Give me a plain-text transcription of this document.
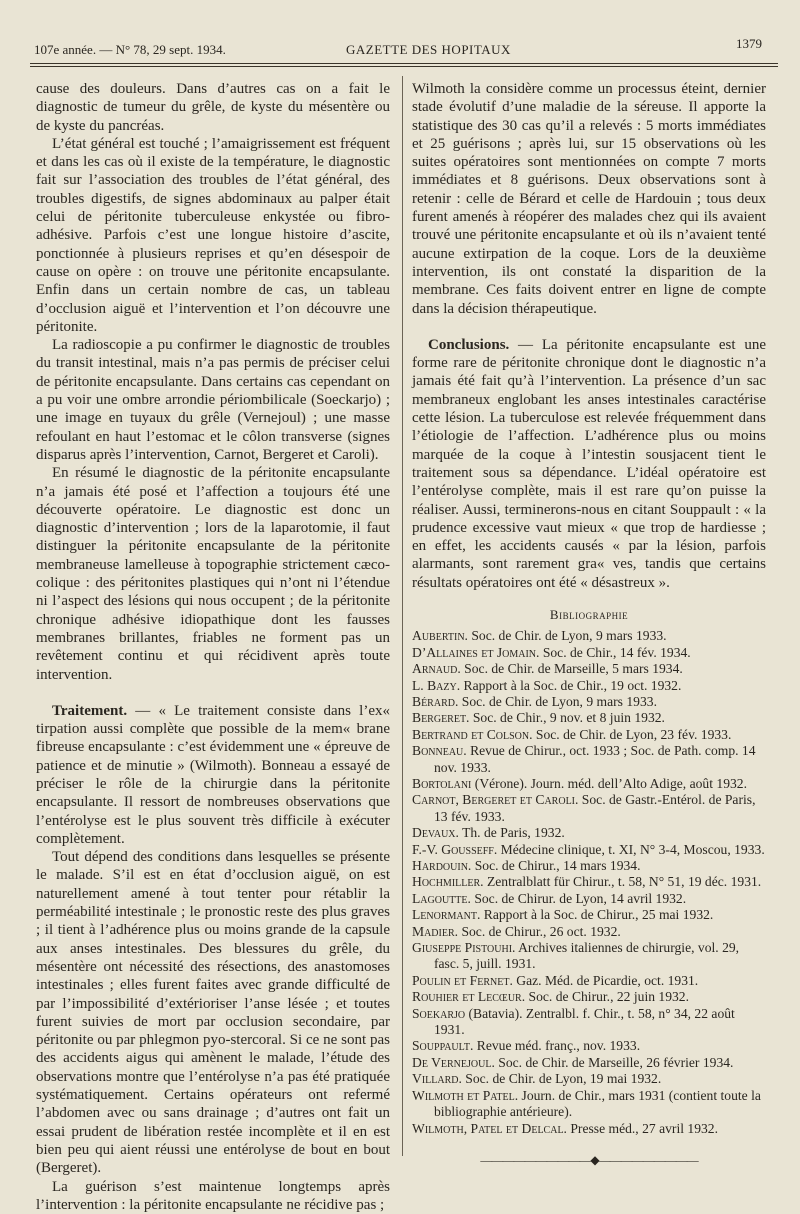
107e année. — N° 78, 29 sept. 1934.	GAZETTE DES HOPITAUX	1379

cause des douleurs. Dans d’autres cas on a fait le diagnostic de tumeur du grêle, de kyste du mésentère ou de kyste du pancréas.

L’état général est touché ; l’amaigrissement est fréquent et dans les cas où il existe de la température, le diagnostic fait sur l’association des troubles de l’état général, des troubles digestifs, de signes abdominaux au palper était celui de péritonite tuberculeuse enkystée ou fibro-adhésive. Parfois c’est une longue histoire d’ascite, ponctionnée à plusieurs reprises et qu’en désespoir de cause on opère : on trouve une péritonite encapsulante. Enfin dans un certain nombre de cas, un tableau d’occlusion aiguë et l’intervention et l’on découvre une péritonite.

La radioscopie a pu confirmer le diagnostic de troubles du transit intestinal, mais n’a pas permis de préciser celui de péritonite encapsulante. Dans certains cas cependant on a pu voir une ombre arrondie périombilicale (Soeckarjo) ; une image en tuyaux du grêle (Vernejoul) ; une masse refoulant en haut l’estomac et le côlon transverse (signes disparus après l’intervention, Carnot, Bergeret et Caroli).

En résumé le diagnostic de la péritonite encapsulante n’a jamais été posé et l’affection a toujours été une découverte opératoire. Le diagnostic est donc un diagnostic d’intervention ; lors de la laparotomie, il faut distinguer la péritonite encapsulante de la péritonite membraneuse lamelleuse à topographie strictement cæco-colique : des péritonites plastiques qui n’ont ni l’étendue ni l’aspect des lésions qui nous occupent ; de la péritonite chronique adhésive idiopathique dont les fausses membranes brillantes, friables ne forment pas un revêtement continu et qui récidivent après toute intervention.

Traitement. — « Le traitement consiste dans l’ex« tirpation aussi complète que possible de la mem« brane fibreuse encapsulante : c’est évidemment une « épreuve de patience et de minutie » (Wilmoth). Bonneau a essayé de préciser le rôle de la chirurgie dans la péritonite encapsulante. Il ressort de nombreuses observations que l’entérolyse est le plus souvent très difficile à exécuter complètement.

Tout dépend des conditions dans lesquelles se présente le malade. S’il est en état d’occlusion aiguë, on est naturellement amené à tout tenter pour rétablir la perméabilité intestinale ; le pronostic reste des plus graves ; il tient à l’adhérence plus ou moins grande de la capsule aux anses intestinales. Des blessures du grêle, du mésentère ont nécessité des résections, des anastomoses intestinales ; elles furent faites avec grande difficulté de par l’impossibilité d’extérioriser l’anse lésée ; et toutes furent suivies de mort par occlusion secondaire, par péritonite ou par phlegmon pyo-stercoral. Si ce ne sont pas des accidents aigus qui amènent le malade, l’étude des observations montre que l’entérolyse n’a pas été pratiquée systématiquement. Certains opérateurs ont refermé l’abdomen avec ou sans drainage ; d’autres ont fait un essai prudent de libération restée incomplète et il en est bien peu qui aient réussi une entérolyse de bout en bout (Bergeret).

La guérison s’est maintenue longtemps après l’intervention : la péritonite encapsulante ne récidive pas ;

Wilmoth la considère comme un processus éteint, dernier stade évolutif d’une maladie de la séreuse. Il apporte la statistique des 30 cas qu’il a relevés : 5 morts immédiates et 25 guérisons ; après lui, sur 15 observations où les suites opératoires sont mentionnées on compte 7 morts immédiates et 8 guérisons. Deux observations sont à retenir : celle de Bérard et celle de Hardouin ; tous deux furent amenés à réopérer des malades chez qui ils avaient trouvé une péritonite encapsulante et où ils n’avaient tenté aucune extirpation de la coque. Lors de la deuxième intervention, ils ont constaté la disparition de la membrane. Ces faits doivent entrer en ligne de compte dans la décision thérapeutique.

Conclusions. — La péritonite encapsulante est une forme rare de péritonite chronique dont le diagnostic n’a jamais été fait qu’à l’intervention. La présence d’un sac membraneux englobant les anses intestinales caractérise cette lésion. La tuberculose est relevée fréquemment dans l’étiologie de l’affection. L’adhérence plus ou moins marquée de la coque à l’intestin sousjacent tient le traitement sous sa dépendance. L’idéal opératoire est l’entérolyse complète, mais il est rare qu’on puisse la réaliser. Aussi, terminerons-nous en citant Souppault : « la prudence excessive vaut mieux « que trop de hardiesse ; en effet, les accidents causés « par la lésion, parfois alarmants, sont rarement gra« ves, tandis que certains résultats opératoires ont été « désastreux ».

Bibliographie
Aubertin. Soc. de Chir. de Lyon, 9 mars 1933.
D’Allaines et Jomain. Soc. de Chir., 14 fév. 1934.
Arnaud. Soc. de Chir. de Marseille, 5 mars 1934.
L. Bazy. Rapport à la Soc. de Chir., 19 oct. 1932.
Bérard. Soc. de Chir. de Lyon, 9 mars 1933.
Bergeret. Soc. de Chir., 9 nov. et 8 juin 1932.
Bertrand et Colson. Soc. de Chir. de Lyon, 23 fév. 1933.
Bonneau. Revue de Chirur., oct. 1933 ; Soc. de Path. comp. 14 nov. 1933.
Bortolani (Vérone). Journ. méd. dell’Alto Adige, août 1932.
Carnot, Bergeret et Caroli. Soc. de Gastr.-Entérol. de Paris, 13 fév. 1933.
Devaux. Th. de Paris, 1932.
F.-V. Gousseff. Médecine clinique, t. XI, N° 3-4, Moscou, 1933.
Hardouin. Soc. de Chirur., 14 mars 1934.
Hochmiller. Zentralblatt für Chirur., t. 58, N° 51, 19 déc. 1931.
Lagoutte. Soc. de Chirur. de Lyon, 14 avril 1932.
Lenormant. Rapport à la Soc. de Chirur., 25 mai 1932.
Madier. Soc. de Chirur., 26 oct. 1932.
Giuseppe Pistouhi. Archives italiennes de chirurgie, vol. 29, fasc. 5, juill. 1931.
Poulin et Fernet. Gaz. Méd. de Picardie, oct. 1931.
Rouhier et Lecœur. Soc. de Chirur., 22 juin 1932.
Soekarjo (Batavia). Zentralbl. f. Chir., t. 58, n° 34, 22 août 1931.
Souppault. Revue méd. franç., nov. 1933.
De Vernejoul. Soc. de Chir. de Marseille, 26 février 1934.
Villard. Soc. de Chir. de Lyon, 19 mai 1932.
Wilmoth et Patel. Journ. de Chir., mars 1931 (contient toute la bibliographie antérieure).
Wilmoth, Patel et Delcal. Presse méd., 27 avril 1932.
——————————◆—————————
